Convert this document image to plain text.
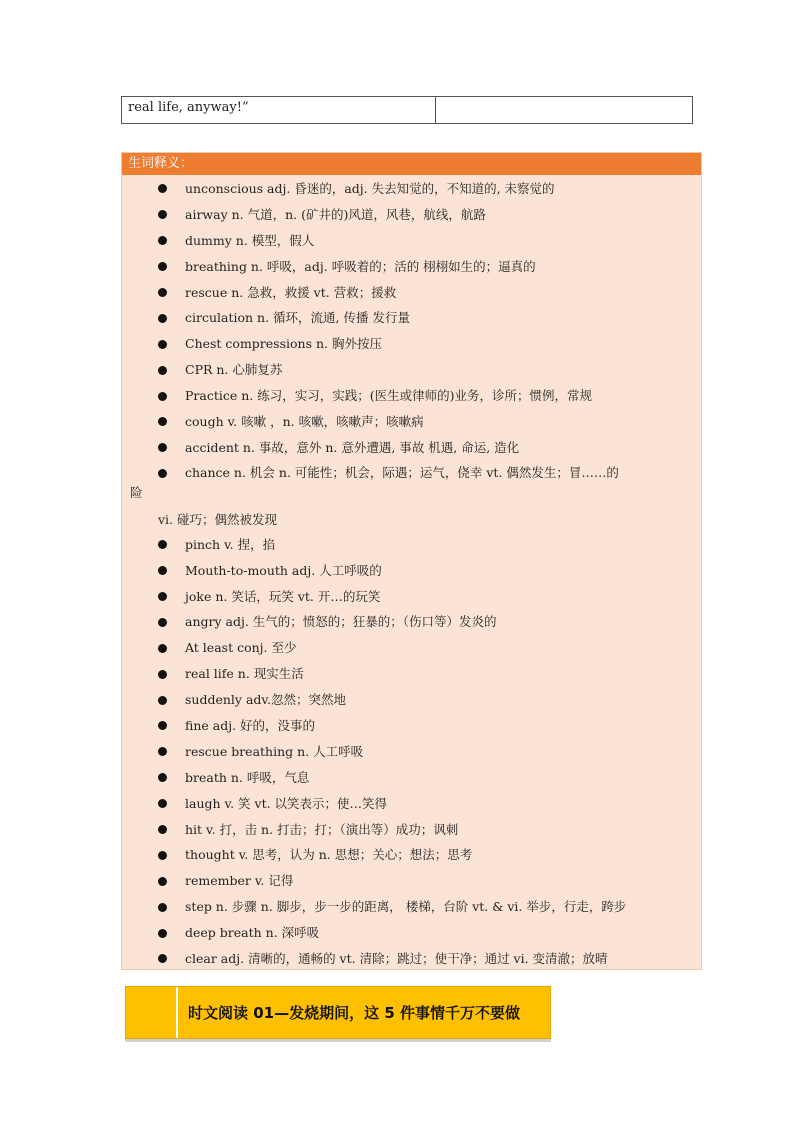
real life, anyway!”
生词释义：
unconscious adj. 昏迷的，adj. 失去知觉的，不知道的, 未察觉的
airway n. 气道，n. (矿井的)风道，风巷，航线，航路
dummy n. 模型，假人
breathing n. 呼吸，adj. 呼吸着的；活的 栩栩如生的；逼真的
rescue n. 急救，救援 vt. 营救；援救
circulation n. 循环，流通, 传播 发行量
Chest compressions n. 胸外按压
CPR n. 心肺复苏
Practice n. 练习，实习，实践；(医生或律师的)业务，诊所；惯例，常规
cough v. 咳嗽 ，n. 咳嗽，咳嗽声；咳嗽病
accident n. 事故，意外 n. 意外遭遇, 事故 机遇, 命运, 造化
chance n. 机会 n. 可能性；机会，际遇；运气，侥幸 vt. 偶然发生；冒……的
险
vi. 碰巧；偶然被发现
pinch v. 捏，掐
Mouth-to-mouth adj. 人工呼吸的
joke n. 笑话，玩笑 vt. 开…的玩笑
angry adj. 生气的；愤怒的；狂暴的；（伤口等）发炎的
At least conj. 至少
real life n. 现实生活
suddenly adv.忽然；突然地
fine adj. 好的，没事的
rescue breathing n. 人工呼吸
breath n. 呼吸，气息
laugh v. 笑 vt. 以笑表示；使…笑得
hit v. 打，击 n. 打击；打；（演出等）成功；讽刺
thought v. 思考，认为 n. 思想；关心；想法；思考
remember v. 记得
step n. 步骤 n. 脚步，步一步的距离， 楼梯，台阶 vt. & vi. 举步，行走，跨步
deep breath n. 深呼吸
clear adj. 清晰的，通畅的 vt. 清除；跳过；使干净；通过 vi. 变清澈；放晴
时文阅读 01—发烧期间，这 5 件事情千万不要做
